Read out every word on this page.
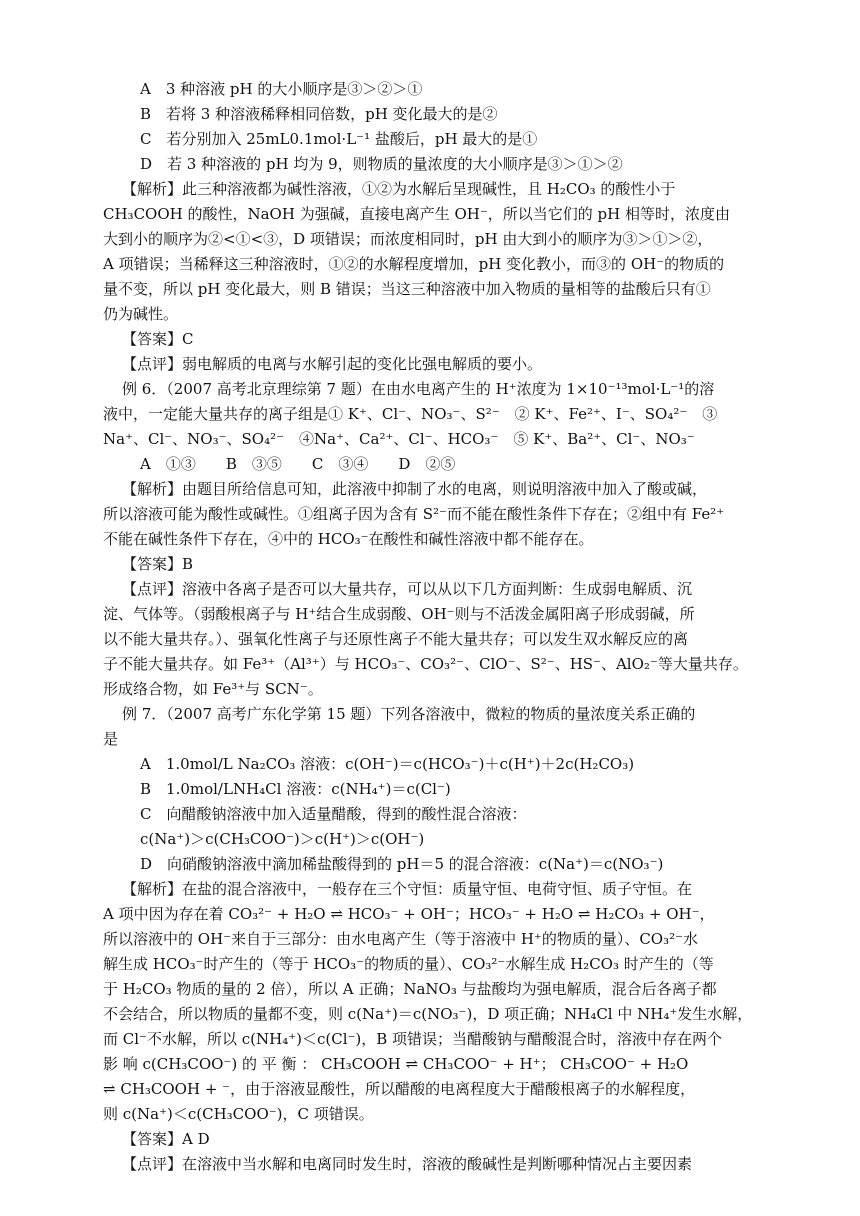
A　3 种溶液 pH 的大小顺序是③＞②＞①
B　若将 3 种溶液稀释相同倍数，pH 变化最大的是②
C　若分别加入 25mL0.1mol·L⁻¹ 盐酸后，pH 最大的是①
D　若 3 种溶液的 pH 均为 9，则物质的量浓度的大小顺序是③＞①＞②
【解析】此三种溶液都为碱性溶液，①②为水解后呈现碱性，且 H₂CO₃ 的酸性小于
CH₃COOH 的酸性，NaOH 为强碱，直接电离产生 OH⁻，所以当它们的 pH 相等时，浓度由
大到小的顺序为②<①<③，D 项错误；而浓度相同时，pH 由大到小的顺序为③＞①＞②，
A 项错误；当稀释这三种溶液时，①②的水解程度增加，pH 变化教小，而③的 OH⁻的物质的
量不变，所以 pH 变化最大，则 B 错误；当这三种溶液中加入物质的量相等的盐酸后只有①
仍为碱性。
【答案】C
【点评】弱电解质的电离与水解引起的变化比强电解质的要小。
例 6．（2007 高考北京理综第 7 题）在由水电离产生的 H⁺浓度为 1×10⁻¹³mol·L⁻¹的溶
液中，一定能大量共存的离子组是① K⁺、Cl⁻、NO₃⁻、S²⁻　② K⁺、Fe²⁺、I⁻、SO₄²⁻　③
Na⁺、Cl⁻、NO₃⁻、SO₄²⁻　④Na⁺、Ca²⁺、Cl⁻、HCO₃⁻　⑤ K⁺、Ba²⁺、Cl⁻、NO₃⁻
A　①③　　B　③⑤　　C　③④　　D　②⑤
【解析】由题目所给信息可知，此溶液中抑制了水的电离，则说明溶液中加入了酸或碱，
所以溶液可能为酸性或碱性。①组离子因为含有 S²⁻而不能在酸性条件下存在；②组中有 Fe²⁺
不能在碱性条件下存在，④中的 HCO₃⁻在酸性和碱性溶液中都不能存在。
【答案】B
【点评】溶液中各离子是否可以大量共存，可以从以下几方面判断：生成弱电解质、沉
淀、气体等。（弱酸根离子与 H⁺结合生成弱酸、OH⁻则与不活泼金属阳离子形成弱碱，所
以不能大量共存。）、强氧化性离子与还原性离子不能大量共存；可以发生双水解反应的离
子不能大量共存。如 Fe³⁺（Al³⁺）与 HCO₃⁻、CO₃²⁻、ClO⁻、S²⁻、HS⁻、AlO₂⁻等大量共存。
形成络合物，如 Fe³⁺与 SCN⁻。
例 7．（2007 高考广东化学第 15 题）下列各溶液中，微粒的物质的量浓度关系正确的
是
A　1.0mol/L Na₂CO₃ 溶液：c(OH⁻)＝c(HCO₃⁻)＋c(H⁺)＋2c(H₂CO₃)
B　1.0mol/LNH₄Cl 溶液：c(NH₄⁺)＝c(Cl⁻)
C　向醋酸钠溶液中加入适量醋酸，得到的酸性混合溶液：
c(Na⁺)＞c(CH₃COO⁻)＞c(H⁺)＞c(OH⁻)
D　向硝酸钠溶液中滴加稀盐酸得到的 pH＝5 的混合溶液：c(Na⁺)＝c(NO₃⁻)
【解析】在盐的混合溶液中，一般存在三个守恒：质量守恒、电荷守恒、质子守恒。在
A 项中因为存在着 CO₃²⁻ + H₂O ⇌ HCO₃⁻ + OH⁻；HCO₃⁻ + H₂O ⇌ H₂CO₃ + OH⁻，
所以溶液中的 OH⁻来自于三部分：由水电离产生（等于溶液中 H⁺的物质的量）、CO₃²⁻水
解生成 HCO₃⁻时产生的（等于 HCO₃⁻的物质的量）、CO₃²⁻水解生成 H₂CO₃ 时产生的（等
于 H₂CO₃ 物质的量的 2 倍），所以 A 正确；NaNO₃ 与盐酸均为强电解质，混合后各离子都
不会结合，所以物质的量都不变，则 c(Na⁺)＝c(NO₃⁻)，D 项正确；NH₄Cl 中 NH₄⁺发生水解，
而 Cl⁻不水解，所以 c(NH₄⁺)＜c(Cl⁻)，B 项错误；当醋酸钠与醋酸混合时，溶液中存在两个
影 响 c(CH₃COO⁻) 的 平 衡 ： CH₃COOH ⇌ CH₃COO⁻ + H⁺； CH₃COO⁻ + H₂O
⇌ CH₃COOH + ⁻，由于溶液显酸性，所以醋酸的电离程度大于醋酸根离子的水解程度，
则 c(Na⁺)＜c(CH₃COO⁻)，C 项错误。
【答案】A D
【点评】在溶液中当水解和电离同时发生时，溶液的酸碱性是判断哪种情况占主要因素
